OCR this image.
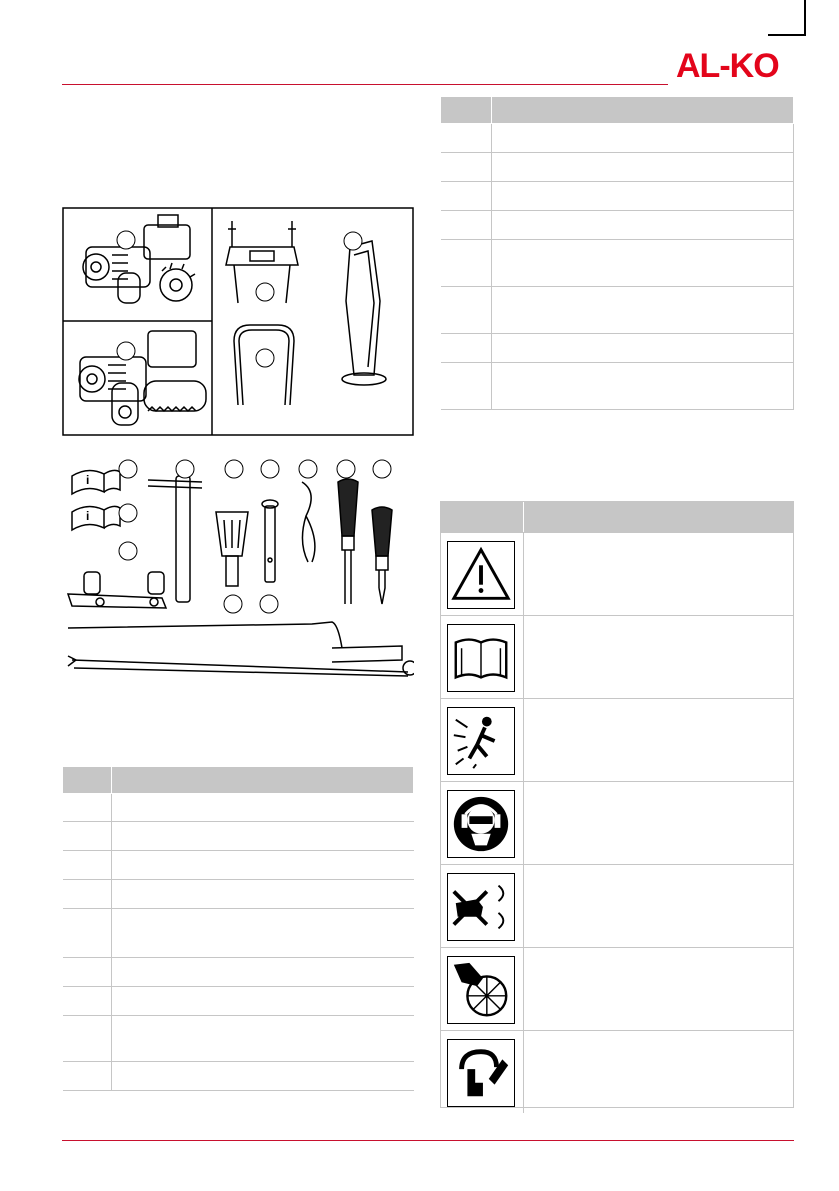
AL-KO
i
i
